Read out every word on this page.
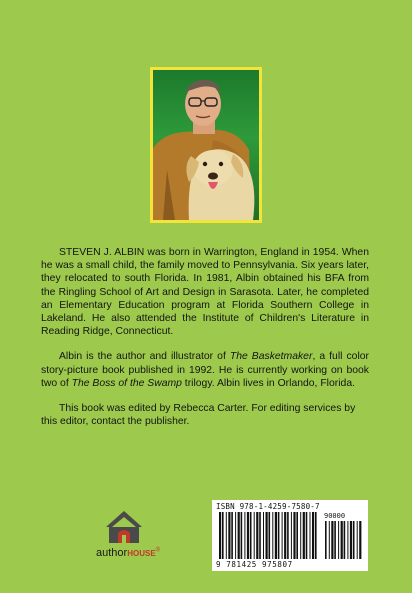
STEVEN J. ALBIN was born in Warrington, England in 1954. When he was a small child, the family moved to Pennsylvania. Six years later, they relocated to south Florida. In 1981, Albin obtained his BFA from the Ringling School of Art and Design in Sarasota. Later, he completed an Elementary Education program at Florida Southern College in Lakeland. He also attended the Institute of Children's Literature in Reading Ridge, Connecticut.

Albin is the author and illustrator of The Basketmaker, a full color story-picture book published in 1992. He is currently working on book two of The Boss of the Swamp trilogy. Albin lives in Orlando, Florida.

This book was edited by Rebecca Carter. For editing services by this editor, contact the publisher.

authorHOUSE®
ISBN 978-1-4259-7580-7
90000
9 781425 975807
